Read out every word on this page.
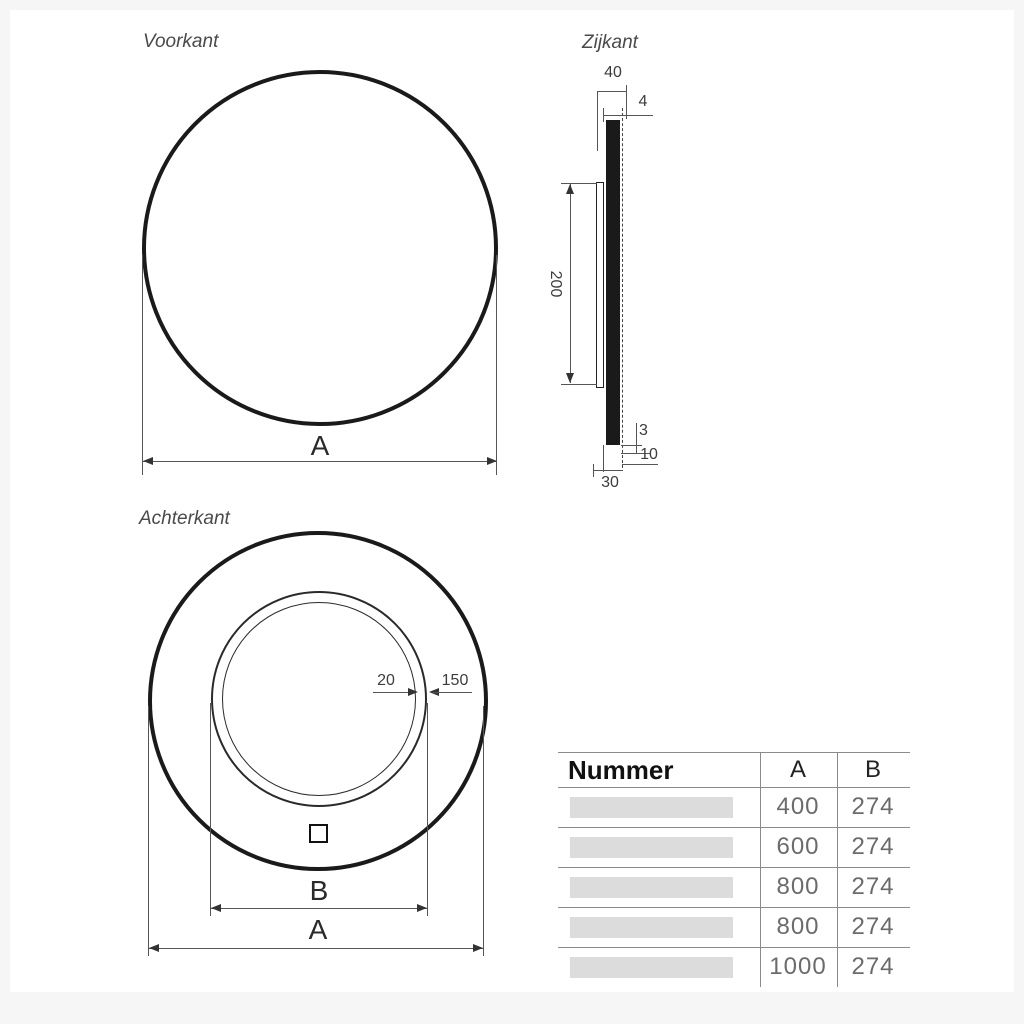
Voorkant
A
Zijkant
40
4
200
3
10
30
Achterkant
20	150
B
A
Nummer	A B
400 274
600 274
800 274
800 274
1000 274
